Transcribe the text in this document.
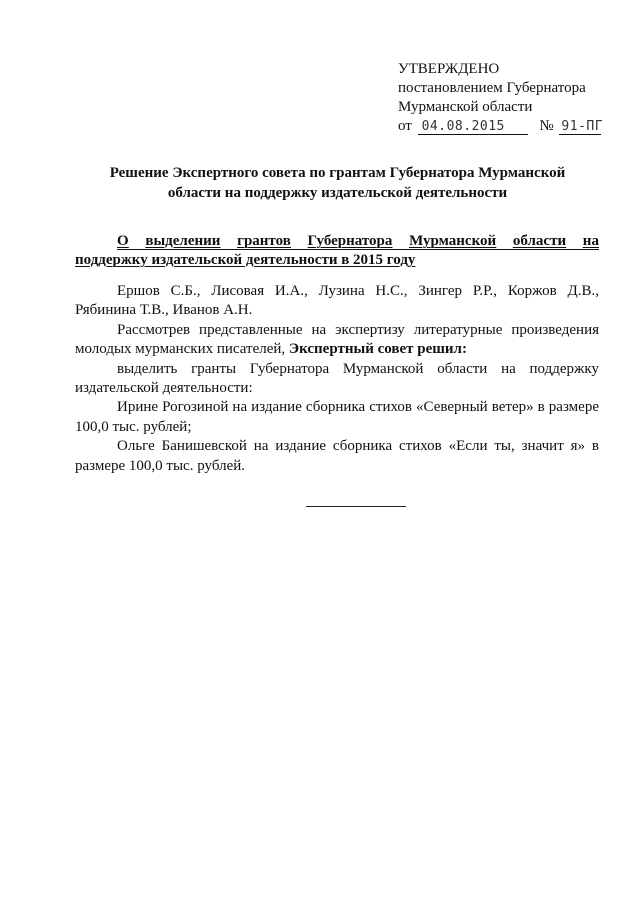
УТВЕРЖДЕНО
постановлением Губернатора
Мурманской области
от 04.08.2015 № 91-ПГ
Решение Экспертного совета по грантам Губернатора Мурманской
области на поддержку издательской деятельности
О выделении грантов Губернатора Мурманской области на
поддержку издательской деятельности в 2015 году

Ершов С.Б., Лисовая И.А., Лузина Н.С., Зингер Р.Р., Коржов Д.В., Рябинина Т.В., Иванов А.Н.

Рассмотрев представленные на экспертизу литературные произведения молодых мурманских писателей, Экспертный совет решил:

выделить гранты Губернатора Мурманской области на поддержку издательской деятельности:

Ирине Рогозиной на издание сборника стихов «Северный ветер» в размере 100,0 тыс. рублей;

Ольге Банишевской на издание сборника стихов «Если ты, значит я» в размере 100,0 тыс. рублей.
